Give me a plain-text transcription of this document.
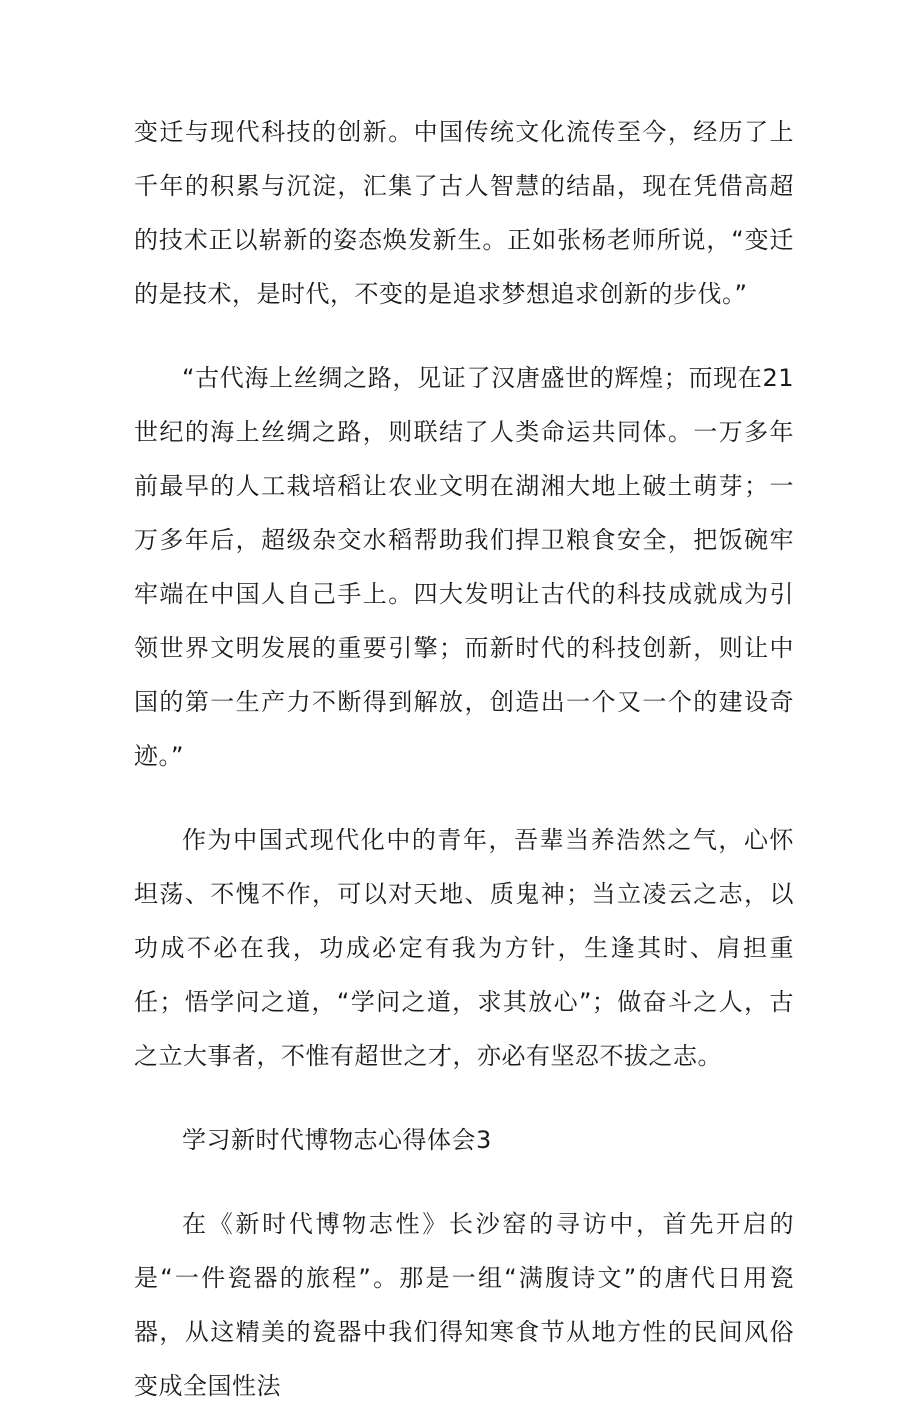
变迁与现代科技的创新。中国传统文化流传至今，经历了上千年的积累与沉淀，汇集了古人智慧的结晶，现在凭借高超的技术正以崭新的姿态焕发新生。正如张杨老师所说，“变迁的是技术，是时代，不变的是追求梦想追求创新的步伐。”

“古代海上丝绸之路，见证了汉唐盛世的辉煌；而现在21世纪的海上丝绸之路，则联结了人类命运共同体。一万多年前最早的人工栽培稻让农业文明在湖湘大地上破土萌芽；一万多年后，超级杂交水稻帮助我们捍卫粮食安全，把饭碗牢牢端在中国人自己手上。四大发明让古代的科技成就成为引领世界文明发展的重要引擎；而新时代的科技创新，则让中国的第一生产力不断得到解放，创造出一个又一个的建设奇迹。”

作为中国式现代化中的青年，吾辈当养浩然之气，心怀坦荡、不愧不作，可以对天地、质鬼神；当立凌云之志，以功成不必在我，功成必定有我为方针，生逢其时、肩担重任；悟学问之道，“学问之道，求其放心”；做奋斗之人，古之立大事者，不惟有超世之才，亦必有坚忍不拔之志。

学习新时代博物志心得体会3

在《新时代博物志性》长沙窑的寻访中，首先开启的是“一件瓷器的旅程”。那是一组“满腹诗文”的唐代日用瓷器，从这精美的瓷器中我们得知寒食节从地方性的民间风俗变成全国性法
